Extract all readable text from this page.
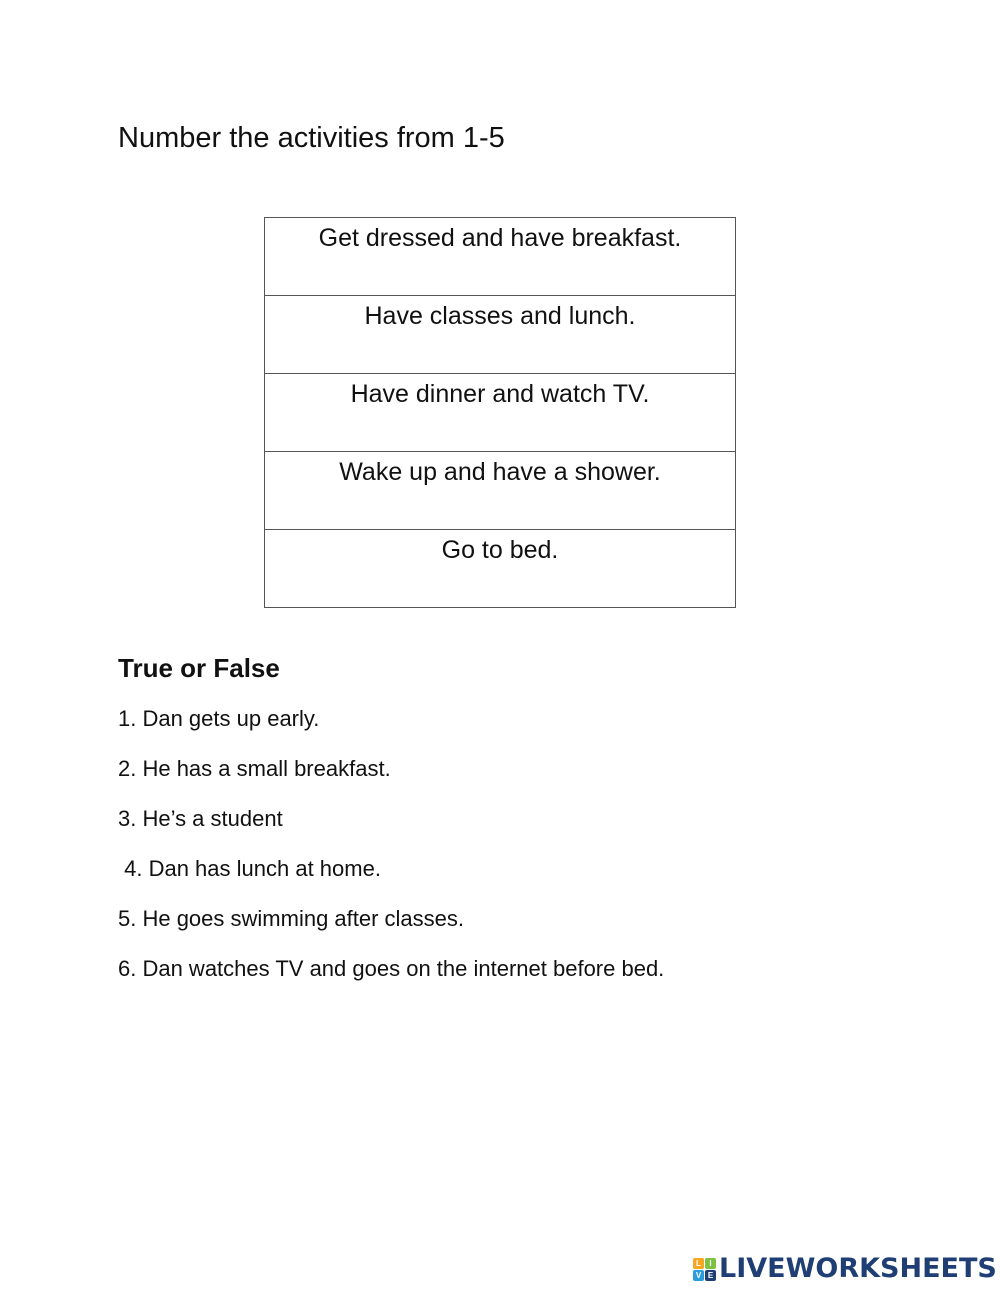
Number the activities from 1-5
Get dressed and have breakfast.

Have classes and lunch.

Have dinner and watch TV.

Wake up and have a shower.

Go to bed.
True or False
1. Dan gets up early.
2. He has a small breakfast.
3. He’s a student
4. Dan has lunch at home.
5. He goes swimming after classes.
6. Dan watches TV and goes on the internet before bed.
L	I
V E LIVEWORKSHEETS
